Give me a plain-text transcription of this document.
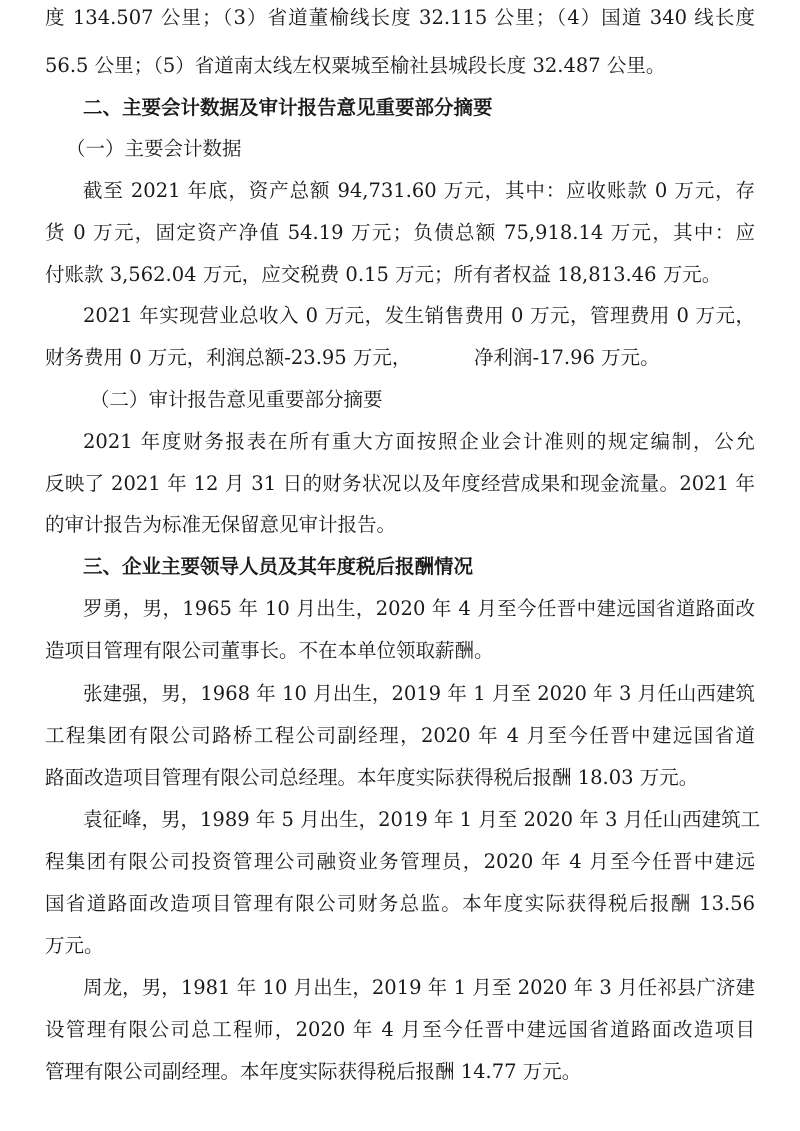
度 134.507 公里；（3）省道董榆线长度 32.115 公里；（4）国道 340 线长度

56.5 公里；（5）省道南太线左权粟城至榆社县城段长度 32.487 公里。

二、主要会计数据及审计报告意见重要部分摘要

（一）主要会计数据

截至 2021 年底，资产总额 94,731.60 万元，其中：应收账款 0 万元，存

货 0 万元，固定资产净值 54.19 万元；负债总额 75,918.14 万元，其中：应

付账款 3,562.04 万元，应交税费 0.15 万元；所有者权益 18,813.46 万元。

2021 年实现营业总收入 0 万元，发生销售费用 0 万元，管理费用 0 万元，

财务费用 0 万元，利润总额-23.95 万元，	净利润-17.96 万元。

（二）审计报告意见重要部分摘要

2021 年度财务报表在所有重大方面按照企业会计准则的规定编制，公允

反映了 2021 年 12 月 31 日的财务状况以及年度经营成果和现金流量。2021 年

的审计报告为标准无保留意见审计报告。

三、企业主要领导人员及其年度税后报酬情况

罗勇，男，1965 年 10 月出生，2020 年 4 月至今任晋中建远国省道路面改

造项目管理有限公司董事长。不在本单位领取薪酬。

张建强，男，1968 年 10 月出生，2019 年 1 月至 2020 年 3 月任山西建筑

工程集团有限公司路桥工程公司副经理，2020 年 4 月至今任晋中建远国省道

路面改造项目管理有限公司总经理。本年度实际获得税后报酬 18.03 万元。

袁征峰，男，1989 年 5 月出生，2019 年 1 月至 2020 年 3 月任山西建筑工

程集团有限公司投资管理公司融资业务管理员，2020 年 4 月至今任晋中建远

国省道路面改造项目管理有限公司财务总监。本年度实际获得税后报酬 13.56

万元。

周龙，男，1981 年 10 月出生，2019 年 1 月至 2020 年 3 月任祁县广济建

设管理有限公司总工程师，2020 年 4 月至今任晋中建远国省道路面改造项目

管理有限公司副经理。本年度实际获得税后报酬 14.77 万元。
